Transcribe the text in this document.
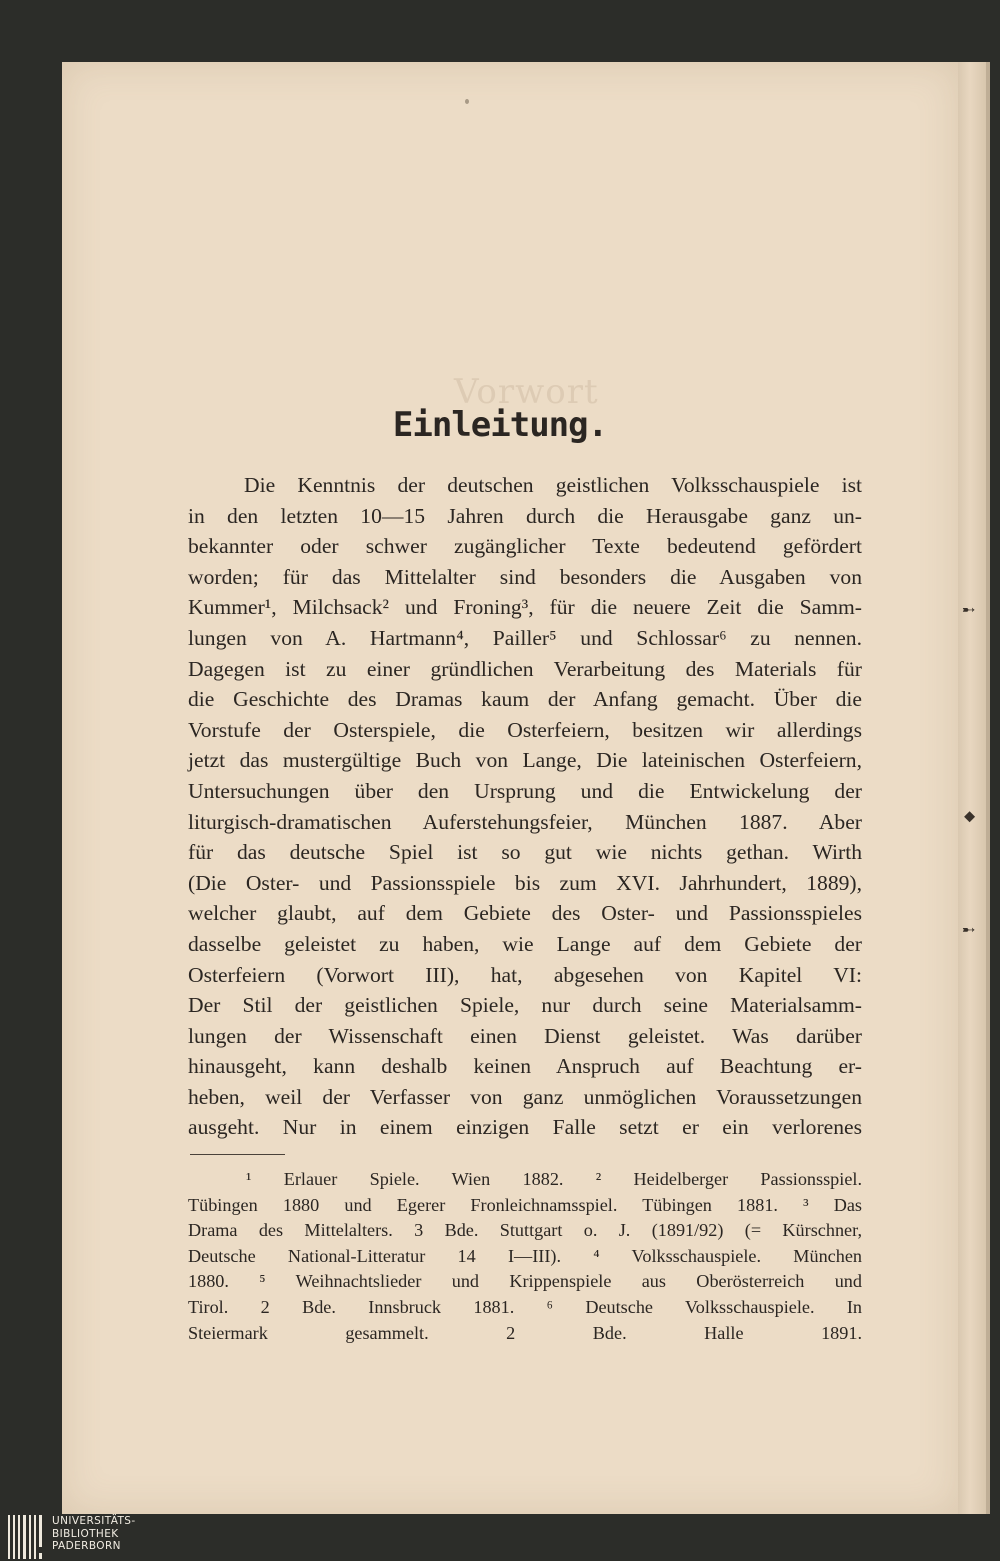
Vorwort
Einleitung.
Die Kenntnis der deutschen geistlichen Volksschauspiele ist
in den letzten 10—15 Jahren durch die Herausgabe ganz un-
bekannter oder schwer zugänglicher Texte bedeutend gefördert
worden; für das Mittelalter sind besonders die Ausgaben von
Kummer¹, Milchsack² und Froning³, für die neuere Zeit die Samm-
lungen von A. Hartmann⁴, Pailler⁵ und Schlossar⁶ zu nennen.
Dagegen ist zu einer gründlichen Verarbeitung des Materials für
die Geschichte des Dramas kaum der Anfang gemacht. Über die
Vorstufe der Osterspiele, die Osterfeiern, besitzen wir allerdings
jetzt das mustergültige Buch von Lange, Die lateinischen Osterfeiern,
Untersuchungen über den Ursprung und die Entwickelung der
liturgisch-dramatischen Auferstehungsfeier, München 1887. Aber
für das deutsche Spiel ist so gut wie nichts gethan. Wirth
(Die Oster- und Passionsspiele bis zum XVI. Jahrhundert, 1889),
welcher glaubt, auf dem Gebiete des Oster- und Passionsspieles
dasselbe geleistet zu haben, wie Lange auf dem Gebiete der
Osterfeiern (Vorwort III), hat, abgesehen von Kapitel VI:
Der Stil der geistlichen Spiele, nur durch seine Materialsamm-
lungen der Wissenschaft einen Dienst geleistet. Was darüber
hinausgeht, kann deshalb keinen Anspruch auf Beachtung er-
heben, weil der Verfasser von ganz unmöglichen Voraussetzungen
ausgeht. Nur in einem einzigen Falle setzt er ein verlorenes
¹ Erlauer Spiele. Wien 1882. ² Heidelberger Passionsspiel.
Tübingen 1880 und Egerer Fronleichnamsspiel. Tübingen 1881. ³ Das
Drama des Mittelalters. 3 Bde. Stuttgart o. J. (1891/92) (= Kürschner,
Deutsche National-Litteratur 14 I—III). ⁴ Volksschauspiele. München
1880. ⁵ Weihnachtslieder und Krippenspiele aus Oberösterreich und
Tirol. 2 Bde. Innsbruck 1881. ⁶ Deutsche Volksschauspiele. In
Steiermark gesammelt. 2 Bde. Halle 1891.
➸
⬥
➸
UNIVERSITÄTS-
BIBLIOTHEK
PADERBORN
